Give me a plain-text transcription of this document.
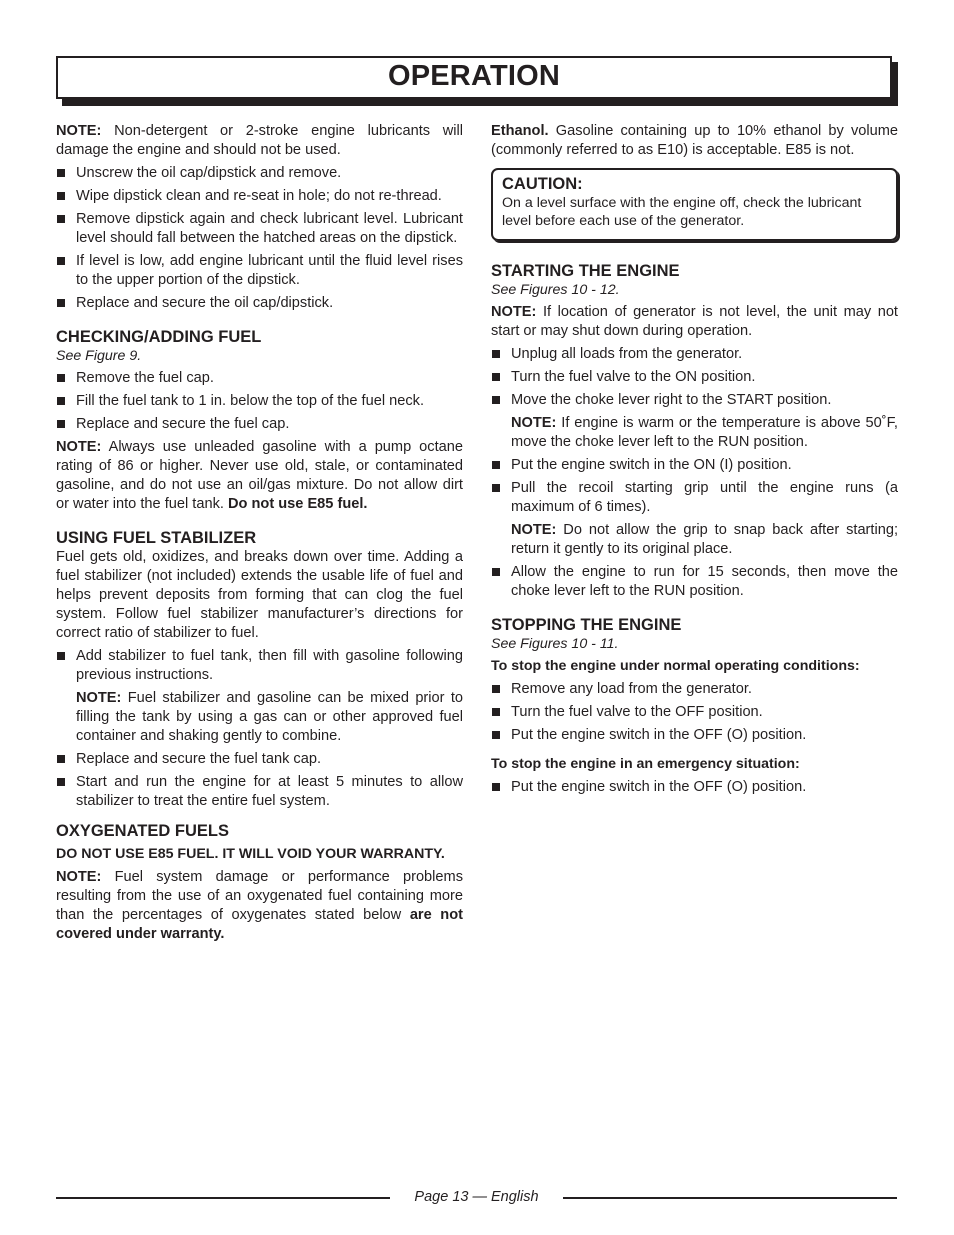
OPERATION

NOTE: Non-detergent or 2-stroke engine lubricants will damage the engine and should not be used.

Unscrew the oil cap/dipstick and remove.
Wipe dipstick clean and re-seat in hole; do not re-thread.
Remove dipstick again and check lubricant level. Lubricant level should fall between the hatched areas on the dipstick.
If level is low, add engine lubricant until the fluid level rises to the upper portion of the dipstick.
Replace and secure the oil cap/dipstick.
CHECKING/ADDING FUEL
See Figure 9.
Remove the fuel cap.
Fill the fuel tank to 1 in. below the top of the fuel neck.
Replace and secure the fuel cap.

NOTE: Always use unleaded gasoline with a pump octane rating of 86 or higher. Never use old, stale, or contaminated gasoline, and do not use an oil/gas mixture. Do not allow dirt or water into the fuel tank. Do not use E85 fuel.

USING FUEL STABILIZER

Fuel gets old, oxidizes, and breaks down over time. Adding a fuel stabilizer (not included) extends the usable life of fuel and helps prevent deposits from forming that can clog the fuel system. Follow fuel stabilizer manufacturer’s directions for correct ratio of stabilizer to fuel.

Add stabilizer to fuel tank, then fill with gasoline following previous instructions.
NOTE: Fuel stabilizer and gasoline can be mixed prior to filling the tank by using a gas can or other approved fuel container and shaking gently to combine.
Replace and secure the fuel tank cap.
Start and run the engine for at least 5 minutes to allow stabilizer to treat the entire fuel system.
OXYGENATED FUELS

DO NOT USE E85 FUEL. IT WILL VOID YOUR WARRANTY.

NOTE: Fuel system damage or performance problems resulting from the use of an oxygenated fuel containing more than the percentages of oxygenates stated below are not covered under warranty.

Ethanol. Gasoline containing up to 10% ethanol by volume (commonly referred to as E10) is acceptable. E85 is not.

CAUTION:
On a level surface with the engine off, check the lubricant level before each use of the generator.
STARTING THE ENGINE
See Figures 10 - 12.

NOTE: If location of generator is not level, the unit may not start or may shut down during operation.

Unplug all loads from the generator.
Turn the fuel valve to the ON position.
Move the choke lever right to the START position.
NOTE: If engine is warm or the temperature is above 50˚F, move the choke lever left to the RUN position.
Put the engine switch in the ON (I) position.
Pull the recoil starting grip until the engine runs (a maximum of 6 times).
NOTE: Do not allow the grip to snap back after starting; return it gently to its original place.
Allow the engine to run for 15 seconds, then move the choke lever left to the RUN position.
STOPPING THE ENGINE
See Figures 10 - 11.

To stop the engine under normal operating conditions:

Remove any load from the generator.
Turn the fuel valve to the OFF position.
Put the engine switch in the OFF (O) position.

To stop the engine in an emergency situation:

Put the engine switch in the OFF (O) position.
Page 13 — English
